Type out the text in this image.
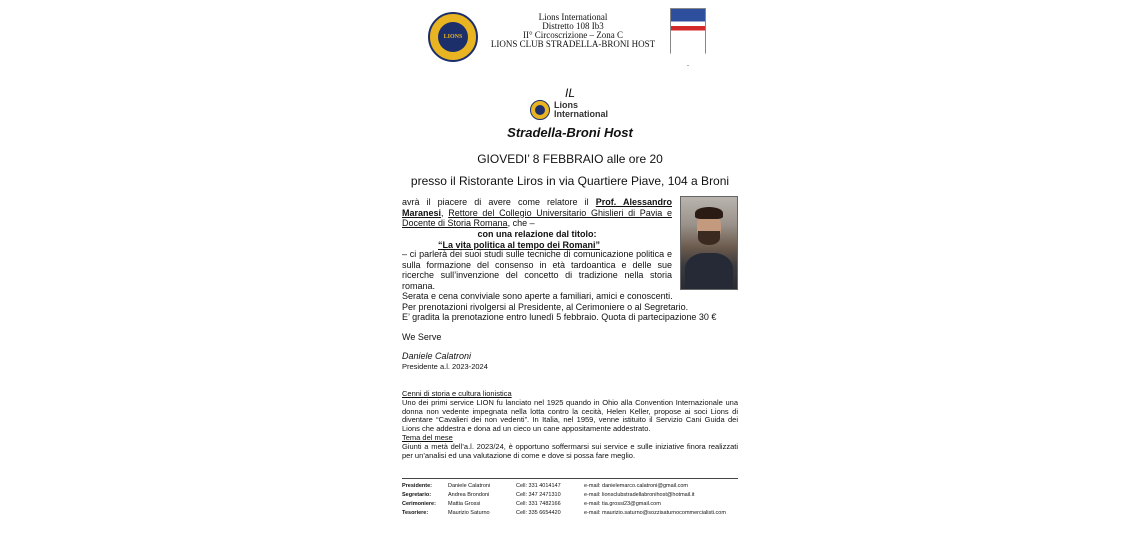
LIONS
Lions International
Distretto 108 Ib3
II° Circoscrizione – Zona C
LIONS CLUB STRADELLA-BRONI HOST
IL
Lions
International
Stradella-Broni Host
GIOVEDI’ 8 FEBBRAIO alle ore 20
presso il Ristorante Liros in via Quartiere Piave, 104 a Broni
avrà il piacere di avere come relatore il Prof. Alessandro Maranesi, Rettore del Collegio Universitario Ghislieri di Pavia e Docente di Storia Romana, che –
con una relazione dal titolo:
“La vita politica al tempo dei Romani”
– ci parlerà dei suoi studi sulle tecniche di comunicazione politica e sulla formazione del consenso in età tardoantica e delle sue ricerche sull’invenzione del concetto di tradizione nella storia romana.
Serata e cena conviviale sono aperte a familiari, amici e conoscenti.
Per prenotazioni rivolgersi al Presidente, al Cerimoniere o al Segretario.
E’ gradita la prenotazione entro lunedì 5 febbraio. Quota di partecipazione 30 €
We Serve
Daniele Calatroni
Presidente a.l. 2023-2024
Cenni di storia e cultura lionistica
Uno dei primi service LION fu lanciato nel 1925 quando in Ohio alla Convention Internazionale una donna non vedente impegnata nella lotta contro la cecità, Helen Keller, propose ai soci Lions di diventare “Cavalieri dei non vedenti”. In Italia, nel 1959, venne istituito il Servizio Cani Guida dei Lions che addestra e dona ad un cieco un cane appositamente addestrato.
Tema del mese
Giunti a metà dell’a.l. 2023/24, è opportuno soffermarsi sui service e sulle iniziative finora realizzati per un’analisi ed una valutazione di come e dove si possa fare meglio.
Presidente:	Daniele Calatroni	Cell: 331 4014147	e-mail: danielemarco.calatroni@gmail.com
Segretario:	Andrea Brondoni	Cell: 347 2471310	e-mail: lionsclubstradellabronihost@hotmail.it
Cerimoniere:	Mattia Grossi	Cell: 331 7482166	e-mail: tia.grossi23@gmail.com
Tesoriere:	Maurizio Saturno	Cell: 335 6654420	e-mail: maurizio.saturno@sozzisaturnocommercialisti.com
